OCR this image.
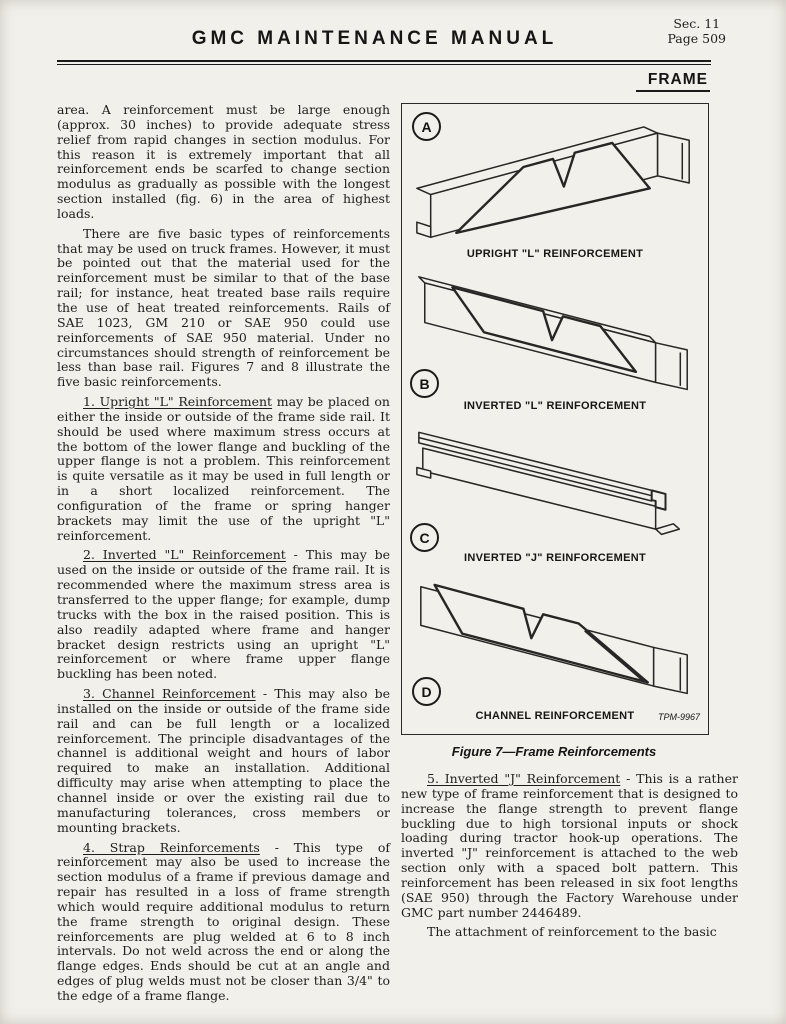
GMC MAINTENANCE MANUAL
Sec. 11
Page 509
FRAME

area. A reinforcement must be large enough (approx. 30 inches) to provide adequate stress relief from rapid changes in section modulus. For this reason it is extremely important that all reinforcement ends be scarfed to change section modulus as gradually as possible with the longest section installed (fig. 6) in the area of highest loads.

There are five basic types of reinforcements that may be used on truck frames. However, it must be pointed out that the material used for the reinforcement must be similar to that of the base rail; for instance, heat treated base rails require the use of heat treated reinforcements. Rails of SAE 1023, GM 210 or SAE 950 could use reinforcements of SAE 950 material. Under no circumstances should strength of reinforcement be less than base rail. Figures 7 and 8 illustrate the five basic reinforcements.

1. Upright "L" Reinforcement may be placed on either the inside or outside of the frame side rail. It should be used where maximum stress occurs at the bottom of the lower flange and buckling of the upper flange is not a problem. This reinforcement is quite versatile as it may be used in full length or in a short localized reinforcement. The configuration of the frame or spring hanger brackets may limit the use of the upright "L" reinforcement.

2. Inverted "L" Reinforcement - This may be used on the inside or outside of the frame rail. It is recommended where the maximum stress area is transferred to the upper flange; for example, dump trucks with the box in the raised position. This is also readily adapted where frame and hanger bracket design restricts using an upright "L" reinforcement or where frame upper flange buckling has been noted.

3. Channel Reinforcement - This may also be installed on the inside or outside of the frame side rail and can be full length or a localized reinforcement. The principle disadvantages of the channel is additional weight and hours of labor required to make an installation. Additional difficulty may arise when attempting to place the channel inside or over the existing rail due to manufacturing tolerances, cross members or mounting brackets.

4. Strap Reinforcements - This type of reinforcement may also be used to increase the section modulus of a frame if previous damage and repair has resulted in a loss of frame strength which would require additional modulus to return the frame strength to original design. These reinforcements are plug welded at 6 to 8 inch intervals. Do not weld across the end or along the flange edges. Ends should be cut at an angle and edges of plug welds must not be closer than 3/4" to the edge of a frame flange.

A
UPRIGHT "L" REINFORCEMENT
B
INVERTED "L" REINFORCEMENT
C
INVERTED "J" REINFORCEMENT
D
CHANNEL REINFORCEMENT	TPM-9967
Figure 7—Frame Reinforcements

5. Inverted "J" Reinforcement - This is a rather new type of frame reinforcement that is designed to increase the flange strength to prevent flange buckling due to high torsional inputs or shock loading during tractor hook-up operations. The inverted "J" reinforcement is attached to the web section only with a spaced bolt pattern. This reinforcement has been released in six foot lengths (SAE 950) through the Factory Warehouse under GMC part number 2446489.

The attachment of reinforcement to the basic
